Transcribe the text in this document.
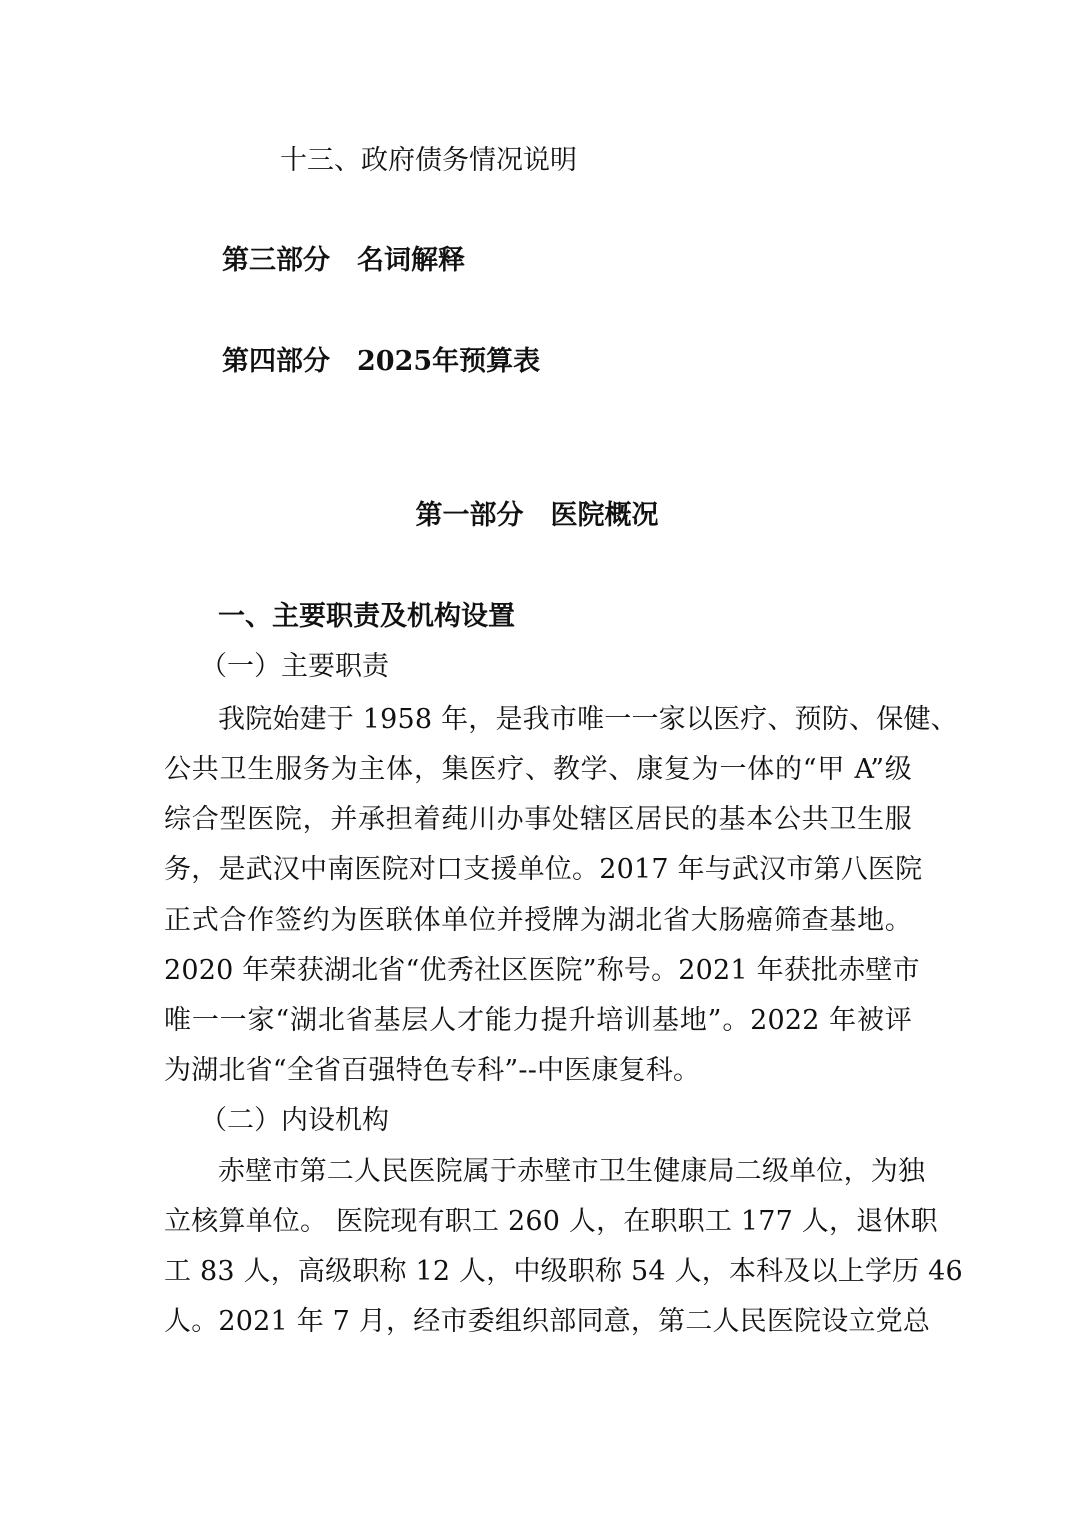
十三、政府债务情况说明
第三部分　名词解释
第四部分　2025年预算表
第一部分　医院概况
一、主要职责及机构设置
（一）主要职责
我院始建于 1958 年，是我市唯一一家以医疗、预防、保健、
公共卫生服务为主体，集医疗、教学、康复为一体的“甲 A”级
综合型医院，并承担着莼川办事处辖区居民的基本公共卫生服
务，是武汉中南医院对口支援单位。2017 年与武汉市第八医院
正式合作签约为医联体单位并授牌为湖北省大肠癌筛查基地。
2020 年荣获湖北省“优秀社区医院”称号。2021 年获批赤壁市
唯一一家“湖北省基层人才能力提升培训基地”。2022 年被评
为湖北省“全省百强特色专科”--中医康复科。
（二）内设机构
赤壁市第二人民医院属于赤壁市卫生健康局二级单位，为独
立核算单位。 医院现有职工 260 人，在职职工 177 人，退休职
工 83 人，高级职称 12 人，中级职称 54 人，本科及以上学历 46
人。2021 年 7 月，经市委组织部同意，第二人民医院设立党总
